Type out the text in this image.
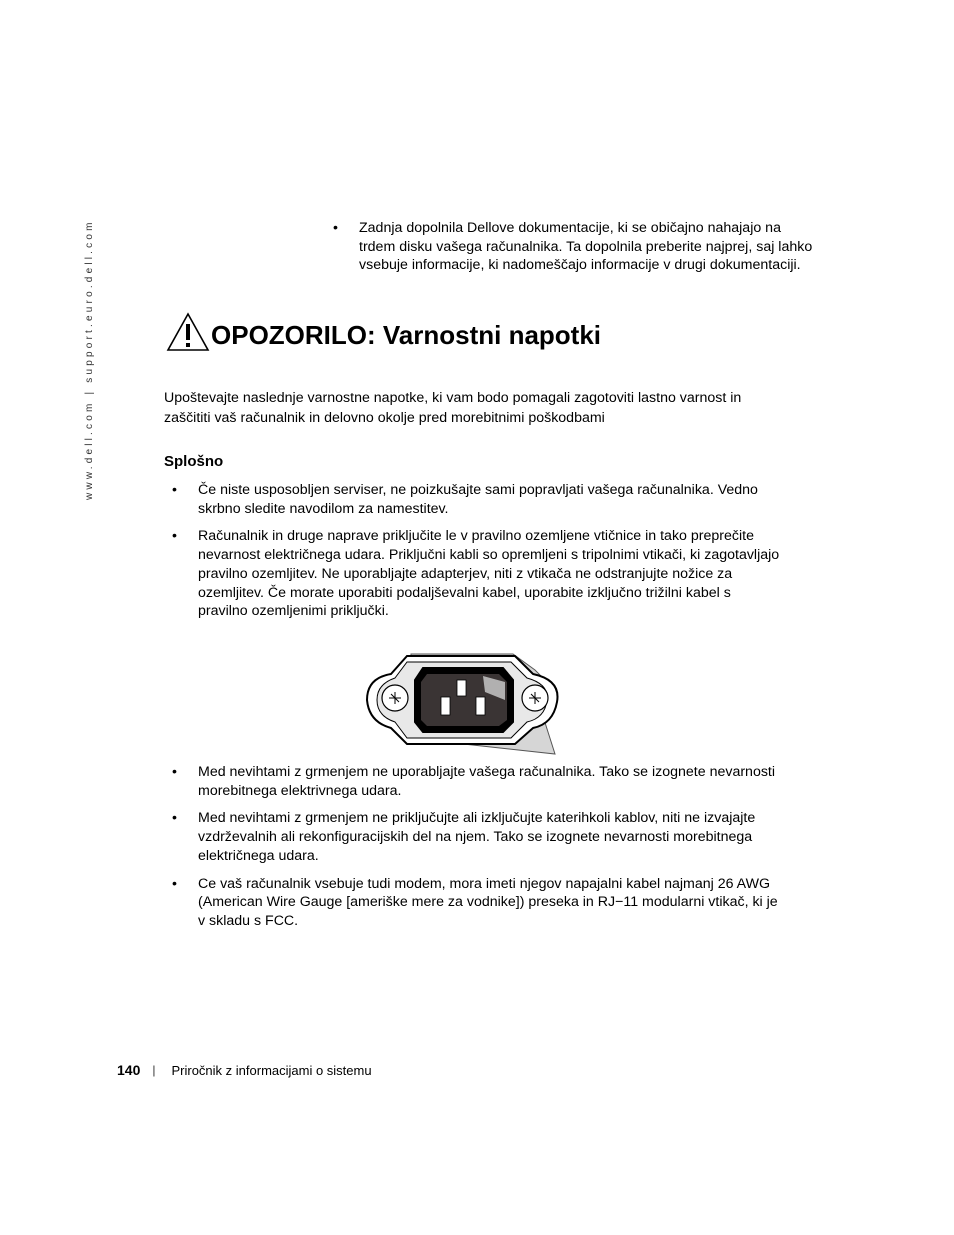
www.dell.com | support.euro.dell.com	• Zadnja dopolnila Dellove dokumentacije, ki se običajno nahajajo na trdem disku vašega računalnika. Ta dopolnila preberite najprej, saj lahko vsebuje informacije, ki nadomeščajo informacije v drugi dokumentaciji.
OPOZORILO: Varnostni napotki

Upoštevajte naslednje varnostne napotke, ki vam bodo pomagali zagotoviti lastno varnost in zaščititi vaš računalnik in delovno okolje pred morebitnimi poškodbami

Splošno
• Če niste usposobljen serviser, ne poizkušajte sami popravljati vašega računalnika. Vedno skrbno sledite navodilom za namestitev.
• Računalnik in druge naprave priključite le v pravilno ozemljene vtičnice in tako preprečite nevarnost električnega udara. Priključni kabli so opremljeni s tripolnimi vtikači, ki zagotavljajo pravilno ozemljitev. Ne uporabljajte adapterjev, niti z vtikača ne odstranjujte nožice za ozemljitev. Če morate uporabiti podaljševalni kabel, uporabite izključno trižilni kabel s pravilno ozemljenimi priključki.
• Med nevihtami z grmenjem ne uporabljajte vašega računalnika. Tako se izognete nevarnosti morebitnega elektrivnega udara.
• Med nevihtami z grmenjem ne priključujte ali izključujte katerihkoli kablov, niti ne izvajajte vzdrževalnih ali rekonfiguracijskih del na njem. Tako se izognete nevarnosti morebitnega električnega udara.
• Ce vaš računalnik vsebuje tudi modem, mora imeti njegov napajalni kabel najmanj 26 AWG (American Wire Gauge [ameriške mere za vodnike]) preseka in RJ−11 modularni vtikač, ki je v skladu s FCC.
140 | Priročnik z informacijami o sistemu
